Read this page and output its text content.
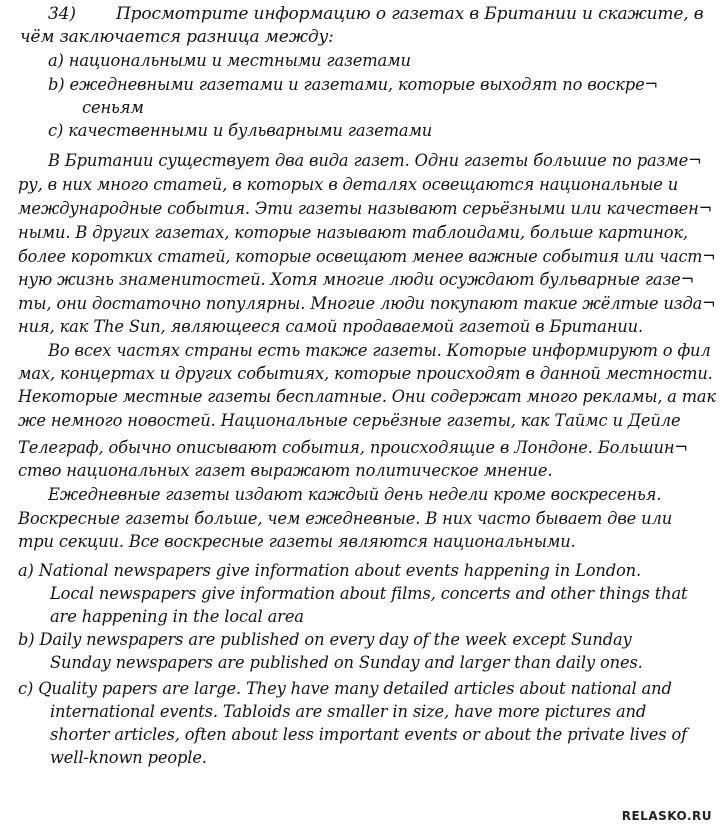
34) Просмотрите информацию о газетах в Британии и скажите, в
чём заключается разница между:
a) национальными и местными газетами
b) ежедневными газетами и газетами, которые выходят по воскре¬
сеньям
c) качественными и бульварными газетами
В Британии существует два вида газет. Одни газеты большие по разме¬
ру, в них много статей, в которых в деталях освещаются национальные и
международные события. Эти газеты называют серьёзными или качествен¬
ными. В других газетах, которые называют таблоидами, больше картинок,
более коротких статей, которые освещают менее важные события или част¬
ную жизнь знаменитостей. Хотя многие люди осуждают бульварные газе¬
ты, они достаточно популярны. Многие люди покупают такие жёлтые изда¬
ния, как The Sun, являющееся самой продаваемой газетой в Британии.
Во всех частях страны есть также газеты. Которые информируют о фил
мах, концертах и других событиях, которые происходят в данной местности.
Некоторые местные газеты бесплатные. Они содержат много рекламы, а так
же немного новостей. Национальные серьёзные газеты, как Таймс и Дейле
Телеграф, обычно описывают события, происходящие в Лондоне. Большин¬
ство национальных газет выражают политическое мнение.
Ежедневные газеты издают каждый день недели кроме воскресенья.
Воскресные газеты больше, чем ежедневные. В них часто бывает две или
три секции. Все воскресные газеты являются национальными.
a) National newspapers give information about events happening in London.
Local newspapers give information about films, concerts and other things that
are happening in the local area
b) Daily newspapers are published on every day of the week except Sunday
Sunday newspapers are published on Sunday and larger than daily ones.
c) Quality papers are large. They have many detailed articles about national and
international events. Tabloids are smaller in size, have more pictures and
shorter articles, often about less important events or about the private lives of
well-known people.
RELASKO.RU
